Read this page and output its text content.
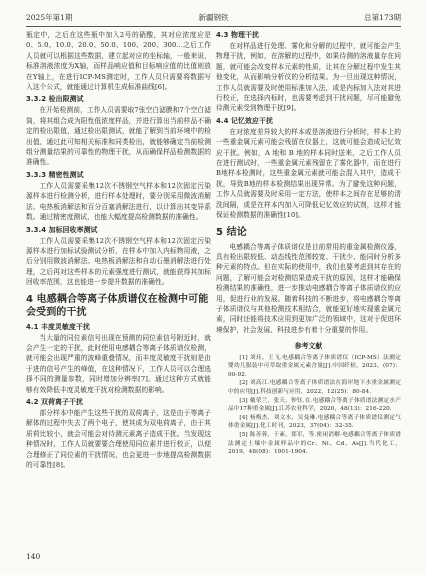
2025年第1期	新疆钢铁	总第173期

瓶定中，之后在这些瓶中加入2号的硝酸，其对应浓度应是0、5.0、10.0、20.0、50.0、100、200、300…之后工作人员就可以根据这些数据，建立起对应的坐标轴，一般来说，标准溶液浓度为X轴，而样品响应值和目标响应值的比值则放在Y轴上，在进行ICP-MS测定时，工作人员只需要将数据写入这个公式，就能通过计算机生成标准曲线[6]。

3.3.2 检出限测试

在开始检测前，工作人员需要取7张空白滤膜和7个空白滤筒，将其组合成为阳性低浓度样品，并进行算出当前样品不确定的检出限值，通过检出限测试，就能了解到当前环境中的检出值，通过此可知相关标准和同类检出，就能够确定当前检测组分测量结果的可靠性的物理干扰，从而确保样品检测数据的准确性。

3.3.3 精密性测试

工作人员需要采集12次不锈钢空气样本和12次固定污染源样本进行检测分析，进行样本处理时，要分别采用微波消解法、电热板消解法和百分百塞消解法进行，以计算出其变异系数。通过精密度测试，也能大幅度提高检测数据的准确性。

3.3.4 加标回收率测试

工作人员需要采集12次不锈钢空气样本和12次固定污染源样本进行加标试验测试分析，在样本中加入内标物用液，之后分别用微波消解法、电热板消解法和自动石墨消解法进行处理，之后再对这些样本的元素强度进行测试，就能获得其加标回收率范围，这也能进一步提升数据的准确性。

4 电感耦合等离子体质谱仪在检测中可能会受到的干扰
4.1 丰度灵敏度干扰

当大量的同位素信号出现在预测的同位素信号附近时，就会产生一定的干扰，此时使用电感耦合等离子体质谱仪检测，就可能会出现严重的波峰重叠情况，而丰度灵敏度干扰则是由于进的信号产生的峰值，在这种情况下，工作人员可以合理选择不同的测量参数，同时增加分辨率[7]。通过这种方式就能够有效降低丰度灵敏度干扰对检测数据的影响。

4.2 双荷离子干扰

部分样本中能产生这些干扰的双荷离子，这是由于等离子解体的过程中失去了两个电子，使其成为双电荷离子，由于其质荷比较小，就会可能会对待测元素离子造成干扰。当发现这种情况时，工作人员就要要合理使用同位素并进行校正，以便合理修正了同位素的干扰情况，也会更进一步地提高检测数据的可靠性[8]。

4.3 物理干扰

在对样品进行处理、雾化和分解的过程中，就可能会产生物理干扰，例如，在溶解的过程中，如果待测的溶液量存在问题，就可能会改变样本元素的性质，让其在分解过程中发生其他变化，从而影响分析仪的分析结果。为一旦出现这种情况，工作人员就需要及时使用标准加入法，或是内标加入法对其进行校正，在选择内标时，也需要考虑到干扰问题，尽可能避免待测元素受到物理干扰[9]。

4.4 记忆效应干扰

在对浓度差异较大的样本或是溶液进行分析时，样本上的一些重金属元素可能会残留在仪器上，这就可能会造成记忆效应干扰。例如，A 地和 B 地的样本同时送来，之后工作人员在进行测试时，一些重金属元素残留在了雾化器中，而在进行B地样本检测时，这些重金属元素就可能会混入其中，造成干扰，导致B地的样本检测结果出现异常。为了避免这种问题，工作人员就需要及时采用一定方法，使样本之间存在足够的清洗间隔，或是在样本内加入可降低记忆效应的试剂，这样才能保证检测数据的准确性[10]。

5 结论

电感耦合等离子体质谱仪是目前常用的重金属检测仪器，具有检出限较低、动态线性范围较宽、干扰少、能同时分析多种元素的特点。但在实际的使用中，我们也要考虑到其存在的问题，了解可能会对检测结果造成干扰的原因，这样才能确保检测结果的准确性，进一步推动电感耦合等离子体质谱仪的应用，促进行业的发展。随着科技的不断进步，将电感耦合等离子体质谱仪与其他检测技术相结合，就能更好地实现重金属元素，同时还能将技术应用到更加广泛的领域中，这对于促进环境保护，社会发展、科技进步有着十分重要的作用。

参考文献

[1] 刘珏，王飞.电感耦合等离子体质谱仪（ICP-MS）法测定婴幼儿服装中可萃取重金属元素含量[J].中国纤检，2023，(07)：90-92.

[2] 刘高江.电感耦合等离子体质谱法在海岸地下水重金属测定中的应用[J].科技创新与应用，2022，12(25)：80-84.

[3] 戴荣兰，张天，钟钰.在.电感耦合等离子体质谱法测定水产品中17种重金属[J].江苏农业科学，2020，48(13)：216-220.

[4] 杨梅杰，刘文水，吴曼琳.电感耦合等离子体质谱仪测定气体重金属[J].化工时刊，2023，37(04)：32-35.

[5] 陈善蓉，于紊，郑军，等.密闭消解-电感耦合等离子体质谱法测定土壤中金属样品中的Cr、Ni、Cd、As[J].当代化工，2019，48(08)：1901-1904.

140
